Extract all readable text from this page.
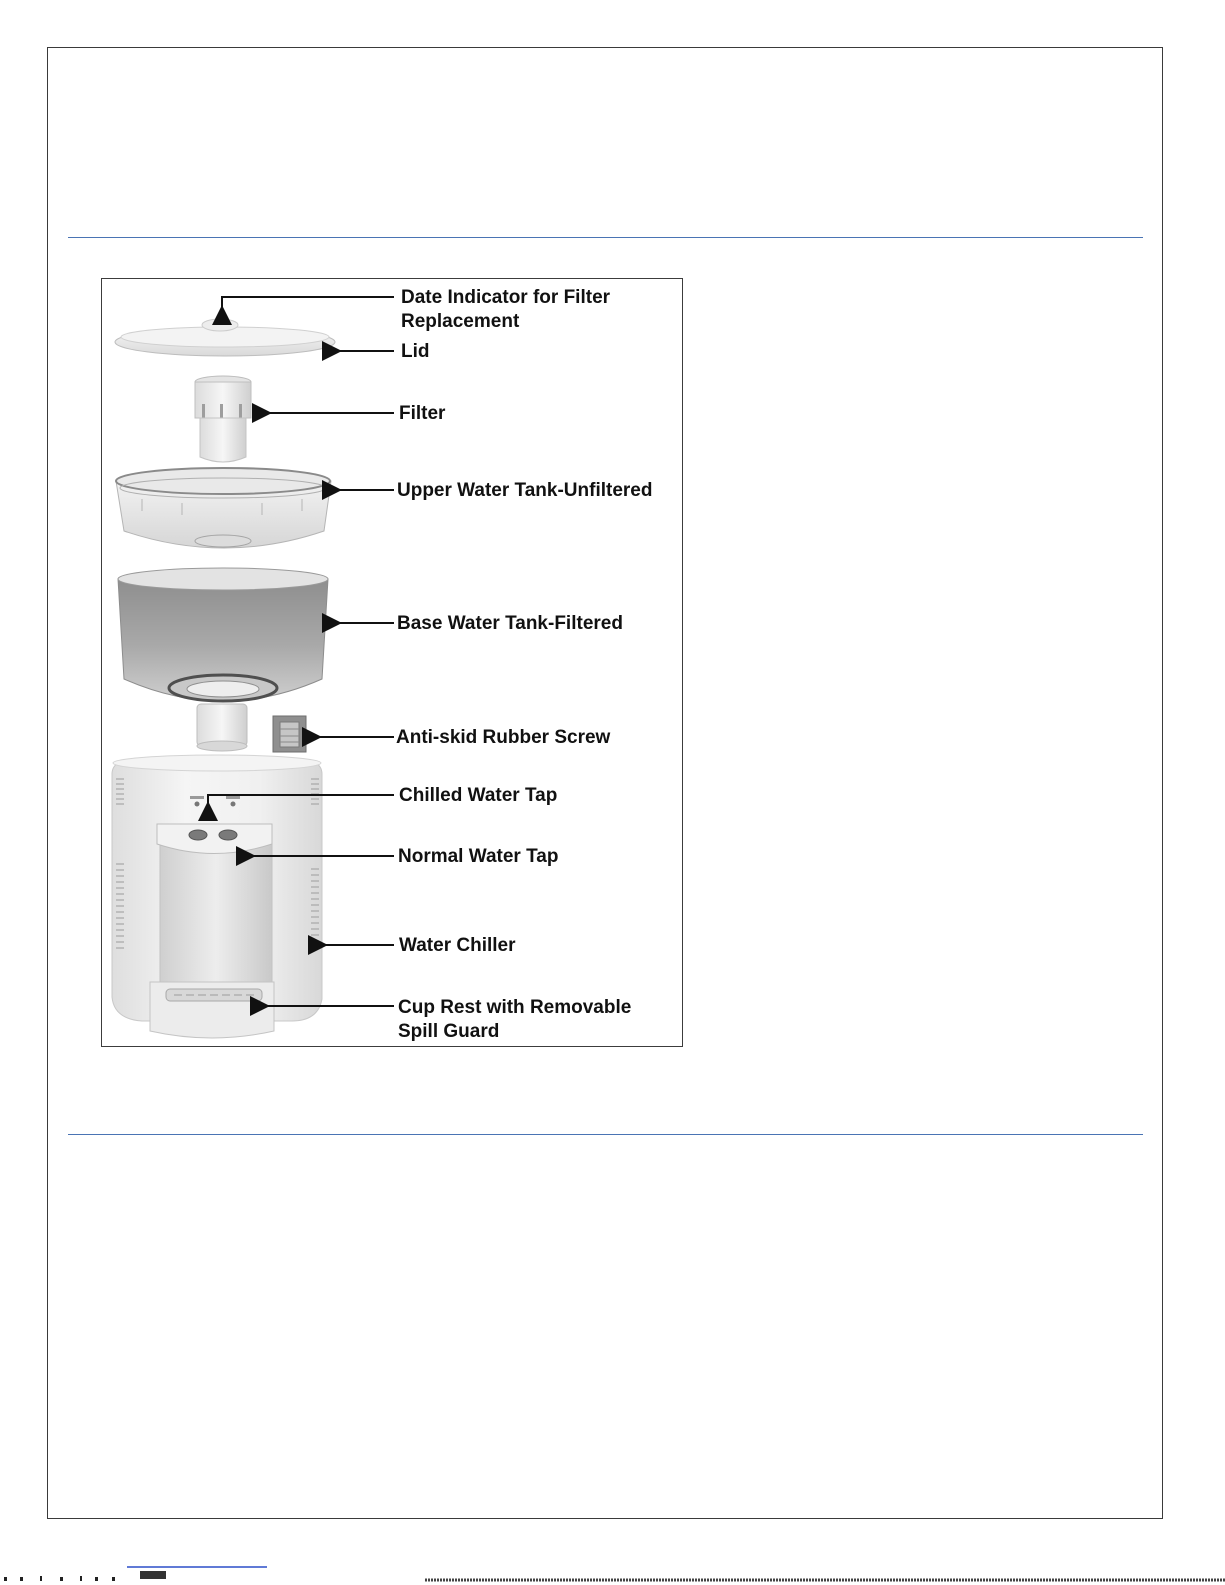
Date Indicator for Filter
Replacement
Lid
Filter
Upper Water Tank-Unfiltered
Base Water Tank-Filtered
Anti-skid Rubber Screw
Chilled Water Tap
Normal Water Tap
Water Chiller
Cup Rest with Removable
Spill Guard
